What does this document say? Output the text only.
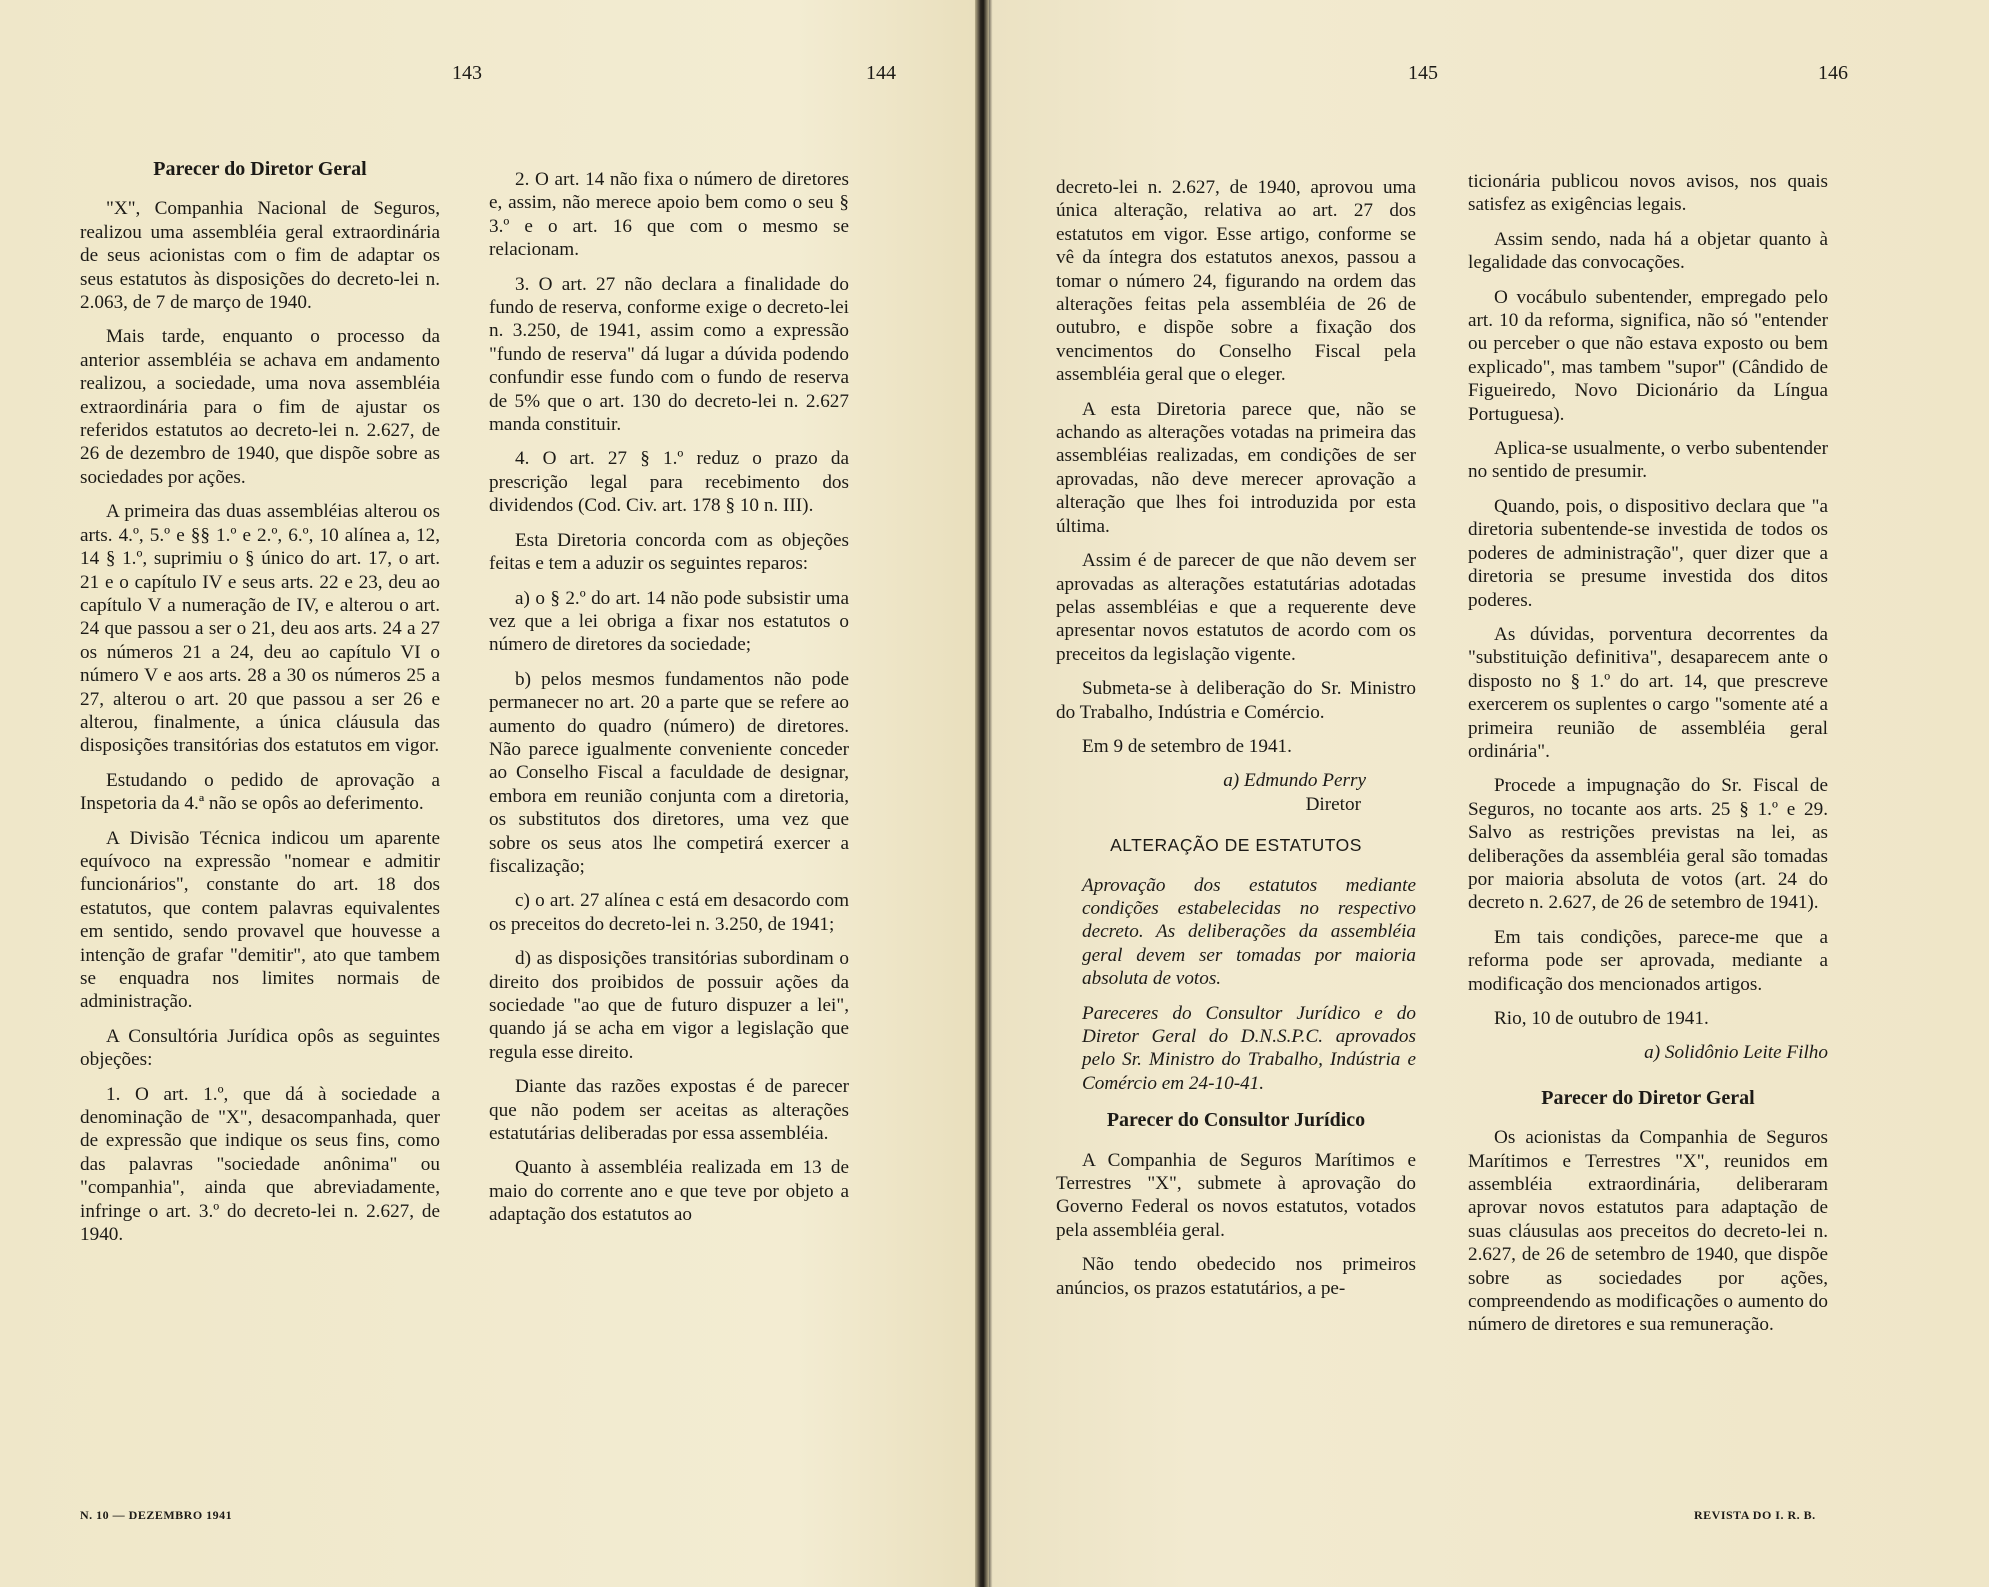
143	144	145	146
Parecer do Diretor Geral

"X", Companhia Nacional de Seguros, realizou uma assembléia geral extraordinária de seus acionistas com o fim de adaptar os seus estatutos às disposições do decreto-lei n. 2.063, de 7 de março de 1940.

Mais tarde, enquanto o processo da anterior assembléia se achava em andamento realizou, a sociedade, uma nova assembléia extraordinária para o fim de ajustar os referidos estatutos ao decreto-lei n. 2.627, de 26 de dezembro de 1940, que dispõe sobre as sociedades por ações.

A primeira das duas assembléias alterou os arts. 4.º, 5.º e §§ 1.º e 2.º, 6.º, 10 alínea a, 12, 14 § 1.º, suprimiu o § único do art. 17, o art. 21 e o capítulo IV e seus arts. 22 e 23, deu ao capítulo V a numeração de IV, e alterou o art. 24 que passou a ser o 21, deu aos arts. 24 a 27 os números 21 a 24, deu ao capítulo VI o número V e aos arts. 28 a 30 os números 25 a 27, alterou o art. 20 que passou a ser 26 e alterou, finalmente, a única cláusula das disposições transitórias dos estatutos em vigor.

Estudando o pedido de aprovação a Inspetoria da 4.ª não se opôs ao deferimento.

A Divisão Técnica indicou um aparente equívoco na expressão "nomear e admitir funcionários", constante do art. 18 dos estatutos, que contem palavras equivalentes em sentido, sendo provavel que houvesse a intenção de grafar "demitir", ato que tambem se enquadra nos limites normais de administração.

A Consultória Jurídica opôs as seguintes objeções:

1. O art. 1.º, que dá à sociedade a denominação de "X", desacompanhada, quer de expressão que indique os seus fins, como das palavras "sociedade anônima" ou "companhia", ainda que abreviadamente, infringe o art. 3.º do decreto-lei n. 2.627, de 1940.

2. O art. 14 não fixa o número de diretores e, assim, não merece apoio bem como o seu § 3.º e o art. 16 que com o mesmo se relacionam.

3. O art. 27 não declara a finalidade do fundo de reserva, conforme exige o decreto-lei n. 3.250, de 1941, assim como a expressão "fundo de reserva" dá lugar a dúvida podendo confundir esse fundo com o fundo de reserva de 5% que o art. 130 do decreto-lei n. 2.627 manda constituir.

4. O art. 27 § 1.º reduz o prazo da prescrição legal para recebimento dos dividendos (Cod. Civ. art. 178 § 10 n. III).

Esta Diretoria concorda com as objeções feitas e tem a aduzir os seguintes reparos:

a) o § 2.º do art. 14 não pode subsistir uma vez que a lei obriga a fixar nos estatutos o número de diretores da sociedade;

b) pelos mesmos fundamentos não pode permanecer no art. 20 a parte que se refere ao aumento do quadro (número) de diretores. Não parece igualmente conveniente conceder ao Conselho Fiscal a faculdade de designar, embora em reunião conjunta com a diretoria, os substitutos dos diretores, uma vez que sobre os seus atos lhe competirá exercer a fiscalização;

c) o art. 27 alínea c está em desacordo com os preceitos do decreto-lei n. 3.250, de 1941;

d) as disposições transitórias subordinam o direito dos proibidos de possuir ações da sociedade "ao que de futuro dispuzer a lei", quando já se acha em vigor a legislação que regula esse direito.

Diante das razões expostas é de parecer que não podem ser aceitas as alterações estatutárias deliberadas por essa assembléia.

Quanto à assembléia realizada em 13 de maio do corrente ano e que teve por objeto a adaptação dos estatutos ao

decreto-lei n. 2.627, de 1940, aprovou uma única alteração, relativa ao art. 27 dos estatutos em vigor. Esse artigo, conforme se vê da íntegra dos estatutos anexos, passou a tomar o número 24, figurando na ordem das alterações feitas pela assembléia de 26 de outubro, e dispõe sobre a fixação dos vencimentos do Conselho Fiscal pela assembléia geral que o eleger.

A esta Diretoria parece que, não se achando as alterações votadas na primeira das assembléias realizadas, em condições de ser aprovadas, não deve merecer aprovação a alteração que lhes foi introduzida por esta última.

Assim é de parecer de que não devem ser aprovadas as alterações estatutárias adotadas pelas assembléias e que a requerente deve apresentar novos estatutos de acordo com os preceitos da legislação vigente.

Submeta-se à deliberação do Sr. Ministro do Trabalho, Indústria e Comércio.

Em 9 de setembro de 1941.

a) Edmundo Perry

Diretor

ALTERAÇÃO DE ESTATUTOS

Aprovação dos estatutos mediante condições estabelecidas no respectivo decreto. As deliberações da assembléia geral devem ser tomadas por maioria absoluta de votos.

Pareceres do Consultor Jurídico e do Diretor Geral do D.N.S.P.C. aprovados pelo Sr. Ministro do Trabalho, Indústria e Comércio em 24-10-41.

Parecer do Consultor Jurídico

A Companhia de Seguros Marítimos e Terrestres "X", submete à aprovação do Governo Federal os novos estatutos, votados pela assembléia geral.

Não tendo obedecido nos primeiros anúncios, os prazos estatutários, a pe-

ticionária publicou novos avisos, nos quais satisfez as exigências legais.

Assim sendo, nada há a objetar quanto à legalidade das convocações.

O vocábulo subentender, empregado pelo art. 10 da reforma, significa, não só "entender ou perceber o que não estava exposto ou bem explicado", mas tambem "supor" (Cândido de Figueiredo, Novo Dicionário da Língua Portuguesa).

Aplica-se usualmente, o verbo subentender no sentido de presumir.

Quando, pois, o dispositivo declara que "a diretoria subentende-se investida de todos os poderes de administração", quer dizer que a diretoria se presume investida dos ditos poderes.

As dúvidas, porventura decorrentes da "substituição definitiva", desaparecem ante o disposto no § 1.º do art. 14, que prescreve exercerem os suplentes o cargo "somente até a primeira reunião de assembléia geral ordinária".

Procede a impugnação do Sr. Fiscal de Seguros, no tocante aos arts. 25 § 1.º e 29. Salvo as restrições previstas na lei, as deliberações da assembléia geral são tomadas por maioria absoluta de votos (art. 24 do decreto n. 2.627, de 26 de setembro de 1941).

Em tais condições, parece-me que a reforma pode ser aprovada, mediante a modificação dos mencionados artigos.

Rio, 10 de outubro de 1941.

a) Solidônio Leite Filho

Parecer do Diretor Geral

Os acionistas da Companhia de Seguros Marítimos e Terrestres "X", reunidos em assembléia extraordinária, deliberaram aprovar novos estatutos para adaptação de suas cláusulas aos preceitos do decreto-lei n. 2.627, de 26 de setembro de 1940, que dispõe sobre as sociedades por ações, compreendendo as modificações o aumento do número de diretores e sua remuneração.

N. 10 — DEZEMBRO 1941	REVISTA DO I. R. B.
